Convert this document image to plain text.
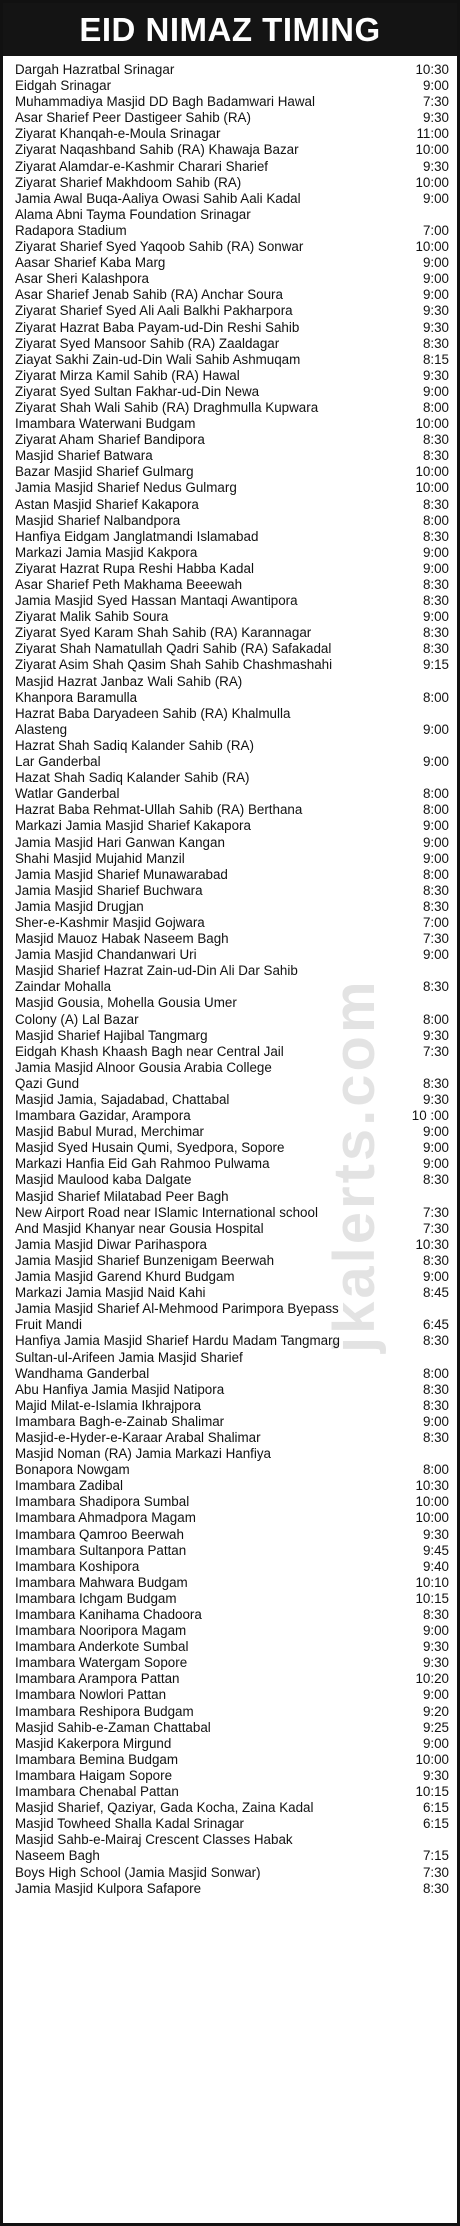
EID NIMAZ TIMING
Dargah Hazratbal Srinagar	10:30
Eidgah Srinagar	9:00
Muhammadiya Masjid DD Bagh Badamwari Hawal	7:30
Asar Sharief Peer Dastigeer Sahib (RA)	9:30
Ziyarat Khanqah-e-Moula Srinagar	11:00
Ziyarat Naqashband Sahib (RA) Khawaja Bazar	10:00
Ziyarat Alamdar-e-Kashmir Charari Sharief	9:30
Ziyarat Sharief Makhdoom Sahib (RA)	10:00
Jamia Awal Buqa-Aaliya Owasi Sahib Aali Kadal	9:00
Alama Abni Tayma Foundation Srinagar
Radapora Stadium	7:00
Ziyarat Sharief Syed Yaqoob Sahib (RA) Sonwar	10:00
Aasar Sharief Kaba Marg	9:00
Asar Sheri Kalashpora	9:00
Asar Sharief Jenab Sahib (RA) Anchar Soura	9:00
Ziyarat Sharief Syed Ali Aali Balkhi Pakharpora	9:30
Ziyarat Hazrat Baba Payam-ud-Din Reshi Sahib	9:30
Ziyarat Syed Mansoor Sahib (RA) Zaaldagar	8:30
Ziayat Sakhi Zain-ud-Din Wali Sahib Ashmuqam	8:15
Ziyarat Mirza Kamil Sahib (RA) Hawal	9:30
Ziyarat Syed Sultan Fakhar-ud-Din Newa	9:00
Ziyarat Shah Wali Sahib (RA) Draghmulla Kupwara	8:00
Imambara Waterwani Budgam	10:00
Ziyarat Aham Sharief Bandipora	8:30
Masjid Sharief Batwara	8:30
Bazar Masjid Sharief Gulmarg	10:00
Jamia Masjid Sharief Nedus Gulmarg	10:00
Astan Masjid Sharief Kakapora	8:30
Masjid Sharief Nalbandpora	8:00
Hanfiya Eidgam Janglatmandi Islamabad	8:30
Markazi Jamia Masjid Kakpora	9:00
Ziyarat Hazrat Rupa Reshi Habba Kadal	9:00
Asar Sharief Peth Makhama Beeewah	8:30
Jamia Masjid Syed Hassan Mantaqi Awantipora	8:30
Ziyarat Malik Sahib Soura	9:00
Ziyarat Syed Karam Shah Sahib (RA) Karannagar	8:30
Ziyarat Shah Namatullah Qadri Sahib (RA) Safakadal	8:30
Ziyarat Asim Shah Qasim Shah Sahib Chashmashahi	9:15
Masjid Hazrat Janbaz Wali Sahib (RA)
Khanpora Baramulla	8:00
Hazrat Baba Daryadeen Sahib (RA) Khalmulla
Alasteng	9:00
Hazrat Shah Sadiq Kalander Sahib (RA)
Lar Ganderbal	9:00
Hazat Shah Sadiq Kalander Sahib (RA)
Watlar Ganderbal	8:00
Hazrat Baba Rehmat-Ullah Sahib (RA) Berthana	8:00
Markazi Jamia Masjid Sharief Kakapora	9:00
Jamia Masjid Hari Ganwan Kangan	9:00
Shahi Masjid Mujahid Manzil	9:00
Jamia Masjid Sharief Munawarabad	8:00
Jamia Masjid Sharief Buchwara	8:30
Jamia Masjid Drugjan	8:30
Sher-e-Kashmir Masjid Gojwara	7:00
Masjid Mauoz Habak Naseem Bagh	7:30
Jamia Masjid Chandanwari Uri	9:00
Masjid Sharief Hazrat Zain-ud-Din Ali Dar Sahib
Zaindar Mohalla	8:30
Masjid Gousia, Mohella Gousia Umer
Colony (A) Lal Bazar	8:00
Masjid Sharief Hajibal Tangmarg	9:30
Eidgah Khash Khaash Bagh near Central Jail	7:30
Jamia Masjid Alnoor Gousia Arabia College
Qazi Gund	8:30
Masjid Jamia, Sajadabad, Chattabal	9:30
Imambara Gazidar, Arampora	10 :00
Masjid Babul Murad, Merchimar	9:00
Masjid Syed Husain Qumi, Syedpora, Sopore	9:00
Markazi Hanfia Eid Gah Rahmoo Pulwama	9:00
Masjid Maulood kaba Dalgate	8:30
Masjid Sharief Milatabad Peer Bagh
New Airport Road near ISlamic International school	7:30
And Masjid Khanyar near Gousia Hospital	7:30
Jamia Masjid Diwar Parihaspora	10:30
Jamia Masjid Sharief Bunzenigam Beerwah	8:30
Jamia Masjid Garend Khurd Budgam	9:00
Markazi Jamia Masjid Naid Kahi	8:45
Jamia Masjid Sharief Al-Mehmood Parimpora Byepass
Fruit Mandi	6:45
Hanfiya Jamia Masjid Sharief Hardu Madam Tangmarg	8:30
Sultan-ul-Arifeen Jamia Masjid Sharief
Wandhama Ganderbal	8:00
Abu Hanfiya Jamia Masjid Natipora	8:30
Majid Milat-e-Islamia Ikhrajpora	8:30
Imambara Bagh-e-Zainab Shalimar	9:00
Masjid-e-Hyder-e-Karaar Arabal Shalimar	8:30
Masjid Noman (RA) Jamia Markazi Hanfiya
Bonapora Nowgam	8:00
Imambara Zadibal	10:30
Imambara Shadipora Sumbal	10:00
Imambara Ahmadpora Magam	10:00
Imambara Qamroo Beerwah	9:30
Imambara Sultanpora Pattan	9:45
Imambara Koshipora	9:40
Imambara Mahwara Budgam	10:10
Imambara Ichgam Budgam	10:15
Imambara Kanihama Chadoora	8:30
Imambara Nooripora Magam	9:00
Imambara Anderkote Sumbal	9:30
Imambara Watergam Sopore	9:30
Imambara Arampora Pattan	10:20
Imambara Nowlori Pattan	9:00
Imambara Reshipora Budgam	9:20
Masjid Sahib-e-Zaman Chattabal	9:25
Masjid Kakerpora Mirgund	9:00
Imambara Bemina Budgam	10:00
Imambara Haigam Sopore	9:30
Imambara Chenabal Pattan	10:15
Masjid Sharief, Qaziyar, Gada Kocha, Zaina Kadal	6:15
Masjid Towheed Shalla Kadal Srinagar	6:15
Masjid Sahb-e-Mairaj Crescent Classes Habak
Naseem Bagh	7:15
Boys High School (Jamia Masjid Sonwar)	7:30
Jamia Masjid Kulpora Safapore	8:30
jkalerts.com
